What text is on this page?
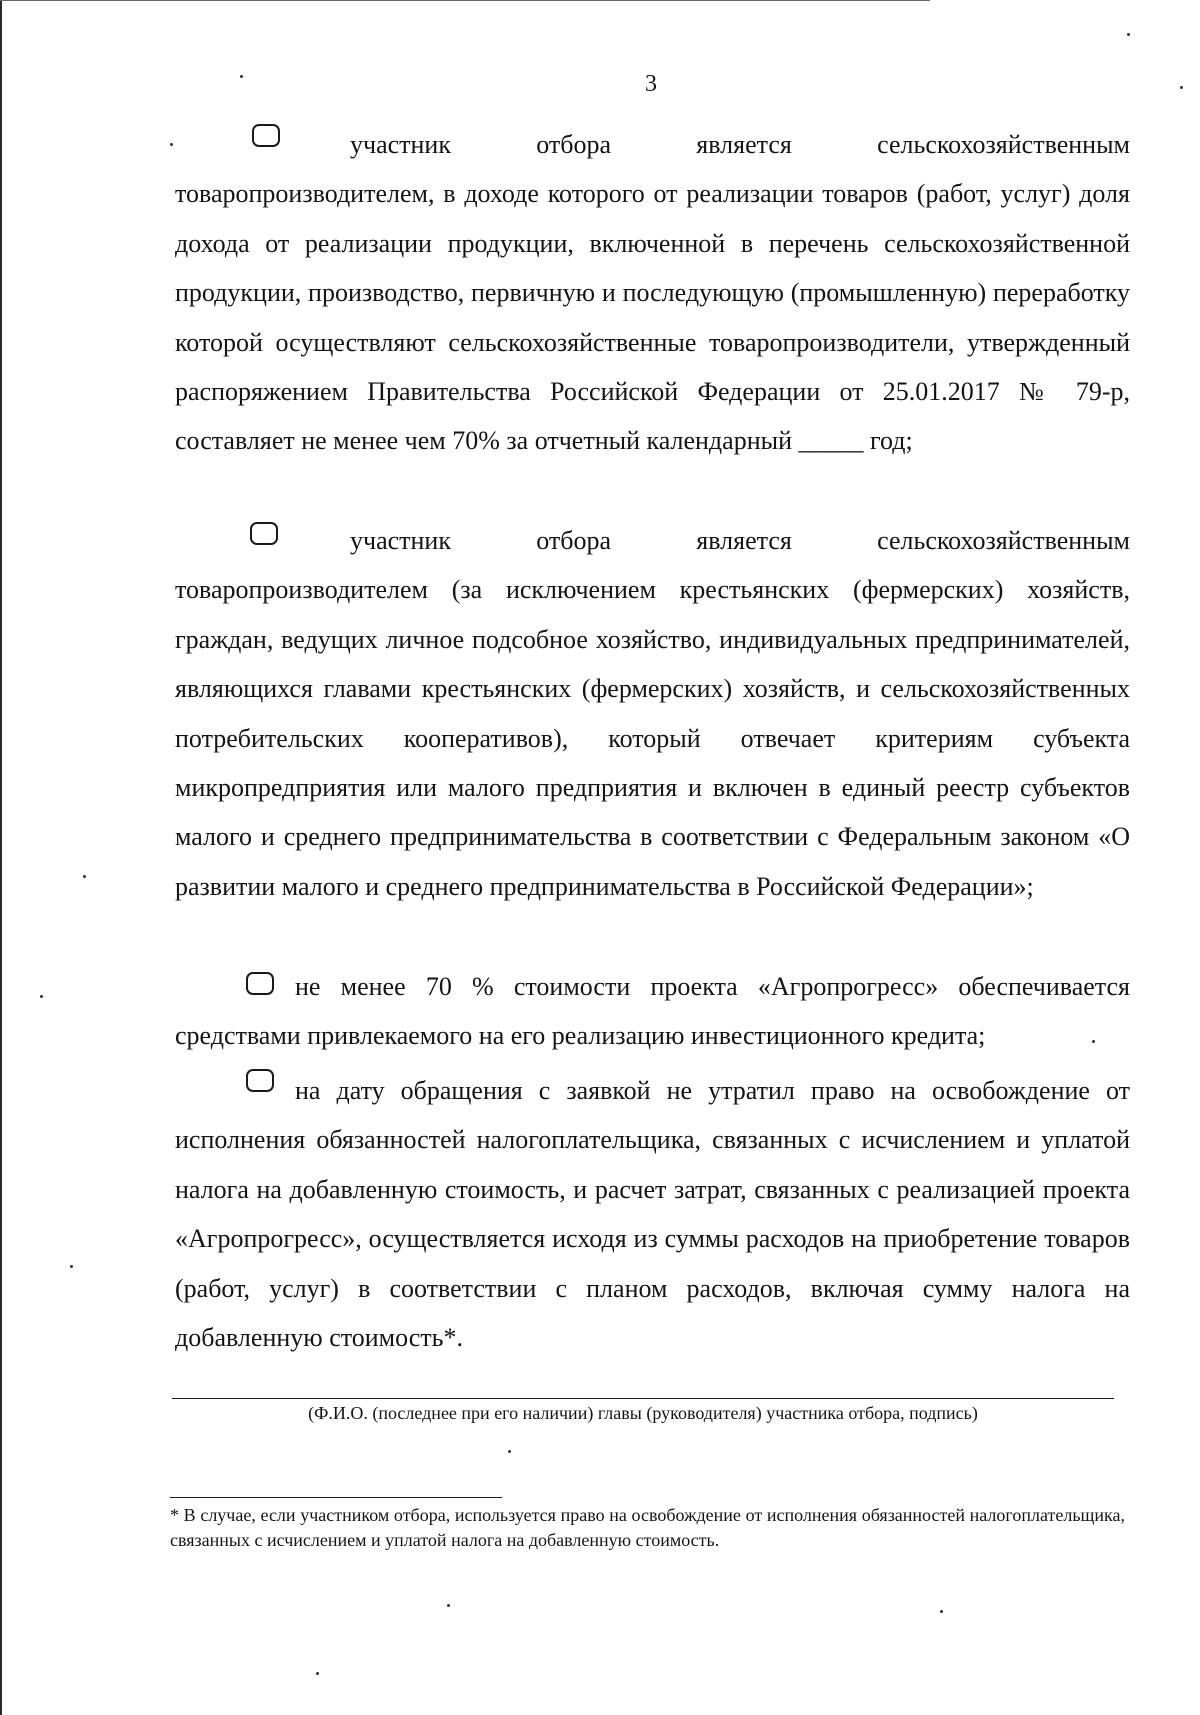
3
участник отбора является сельскохозяйственным
товаропроизводителем, в доходе которого от реализации товаров (работ, услуг) доля дохода от реализации продукции, включенной в перечень сельскохозяйственной продукции, производство, первичную и последующую (промышленную) переработку которой осуществляют сельскохозяйственные товаропроизводители, утвержденный распоряжением Правительства Российской Федерации от 25.01.2017 № 79-р, составляет не менее чем 70% за отчетный календарный _____ год;
участник отбора является сельскохозяйственным
товаропроизводителем (за исключением крестьянских (фермерских) хозяйств, граждан, ведущих личное подсобное хозяйство, индивидуальных предпринимателей, являющихся главами крестьянских (фермерских) хозяйств, и сельскохозяйственных потребительских кооперативов), который отвечает критериям субъекта микропредприятия или малого предприятия и включен в единый реестр субъектов малого и среднего предпринимательства в соответствии с Федеральным законом «О развитии малого и среднего предпринимательства в Российской Федерации»;

не менее 70 % стоимости проекта «Агропрогресс» обеспечивается средствами привлекаемого на его реализацию инвестиционного кредита;

на дату обращения с заявкой не утратил право на освобождение от исполнения обязанностей налогоплательщика, связанных с исчислением и уплатой налога на добавленную стоимость, и расчет затрат, связанных с реализацией проекта «Агропрогресс», осуществляется исходя из суммы расходов на приобретение товаров (работ, услуг) в соответствии с планом расходов, включая сумму налога на добавленную стоимость*.

(Ф.И.О. (последнее при его наличии) главы (руководителя) участника отбора, подпись)

* В случае, если участником отбора, используется право на освобождение от исполнения обязанностей налогоплательщика, связанных с исчислением и уплатой налога на добавленную стоимость.
